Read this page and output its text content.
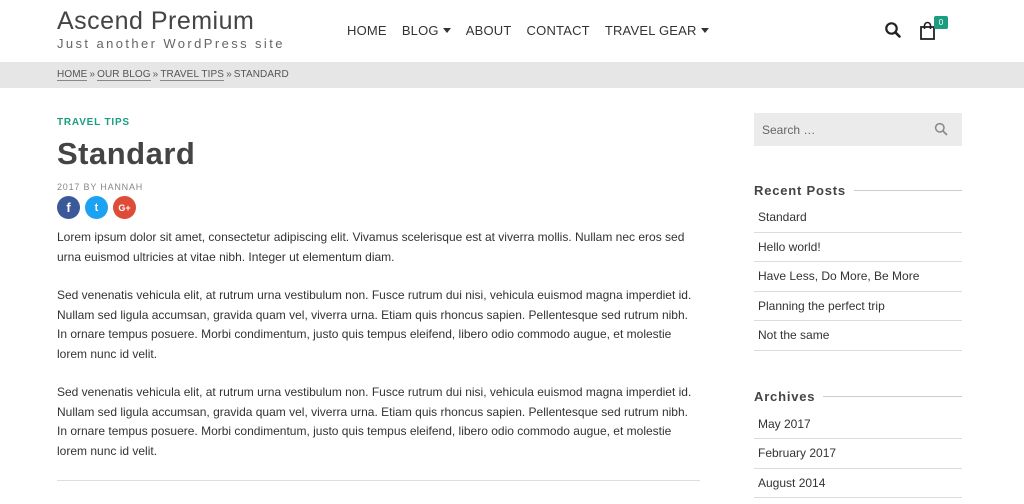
Ascend Premium
Just another WordPress site
HOME BLOG ABOUT CONTACT TRAVEL GEAR	0
HOME » OUR BLOG » TRAVEL TIPS » STANDARD
TRAVEL TIPS
Standard
2017 BY HANNAH
f t G+

Lorem ipsum dolor sit amet, consectetur adipiscing elit. Vivamus scelerisque est at viverra mollis. Nullam nec eros sed urna euismod ultricies at vitae nibh. Integer ut elementum diam.

Sed venenatis vehicula elit, at rutrum urna vestibulum non. Fusce rutrum dui nisi, vehicula euismod magna imperdiet id. Nullam sed ligula accumsan, gravida quam vel, viverra urna. Etiam quis rhoncus sapien. Pellentesque sed rutrum nibh. In ornare tempus posuere. Morbi condimentum, justo quis tempus eleifend, libero odio commodo augue, et molestie lorem nunc id velit.

Sed venenatis vehicula elit, at rutrum urna vestibulum non. Fusce rutrum dui nisi, vehicula euismod magna imperdiet id. Nullam sed ligula accumsan, gravida quam vel, viverra urna. Etiam quis rhoncus sapien. Pellentesque sed rutrum nibh. In ornare tempus posuere. Morbi condimentum, justo quis tempus eleifend, libero odio commodo augue, et molestie lorem nunc id velit.

Search …
Recent Posts
Standard
Hello world!
Have Less, Do More, Be More
Planning the perfect trip
Not the same
Archives
May 2017
February 2017
August 2014
